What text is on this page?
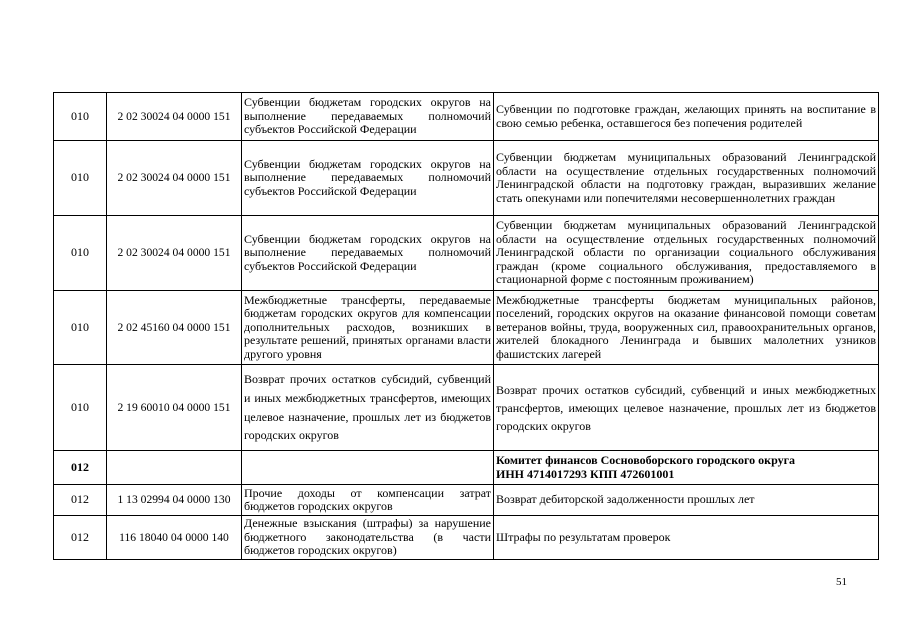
010	2 02 30024 04 0000 151	Субвенции бюджетам городских округов на выполнение передаваемых полномочий субъектов Российской Федерации	Субвенции по подготовке граждан, желающих принять на воспитание в свою семью ребенка, оставшегося без попечения родителей
010	2 02 30024 04 0000 151	Субвенции бюджетам городских округов на выполнение передаваемых полномочий субъектов Российской Федерации	Субвенции бюджетам муниципальных образований Ленинградской области на осуществление отдельных государственных полномочий Ленинградской области на подготовку граждан, выразивших желание стать опекунами или попечителями несовершеннолетних граждан
010	2 02 30024 04 0000 151	Субвенции бюджетам городских округов на выполнение передаваемых полномочий субъектов Российской Федерации	Субвенции бюджетам муниципальных образований Ленинградской области на осуществление отдельных государственных полномочий Ленинградской области по организации социального обслуживания граждан (кроме социального обслуживания, предоставляемого в стационарной форме с постоянным проживанием)
010	2 02 45160 04 0000 151	Межбюджетные трансферты, передаваемые бюджетам городских округов для компенсации дополнительных расходов, возникших в результате решений, принятых органами власти другого уровня	Межбюджетные трансферты бюджетам муниципальных районов, поселений, городских округов на оказание финансовой помощи советам ветеранов войны, труда, вооруженных сил, правоохранительных органов, жителей блокадного Ленинграда и бывших малолетних узников фашистских лагерей
010	2 19 60010 04 0000 151	Возврат прочих остатков субсидий, субвенций и иных межбюджетных трансфертов, имеющих целевое назначение, прошлых лет из бюджетов городских округов	Возврат прочих остатков субсидий, субвенций и иных межбюджетных трансфертов, имеющих целевое назначение, прошлых лет из бюджетов городских округов
012			Комитет финансов Сосновоборского городского округа
ИНН 4714017293 КПП 472601001

012	1 13 02994 04 0000 130	Прочие доходы от компенсации затрат бюджетов городских округов	Возврат дебиторской задолженности прошлых лет
012	116 18040 04 0000 140	Денежные взыскания (штрафы) за нарушение бюджетного законодательства (в части бюджетов городских округов)	Штрафы по результатам проверок
51
